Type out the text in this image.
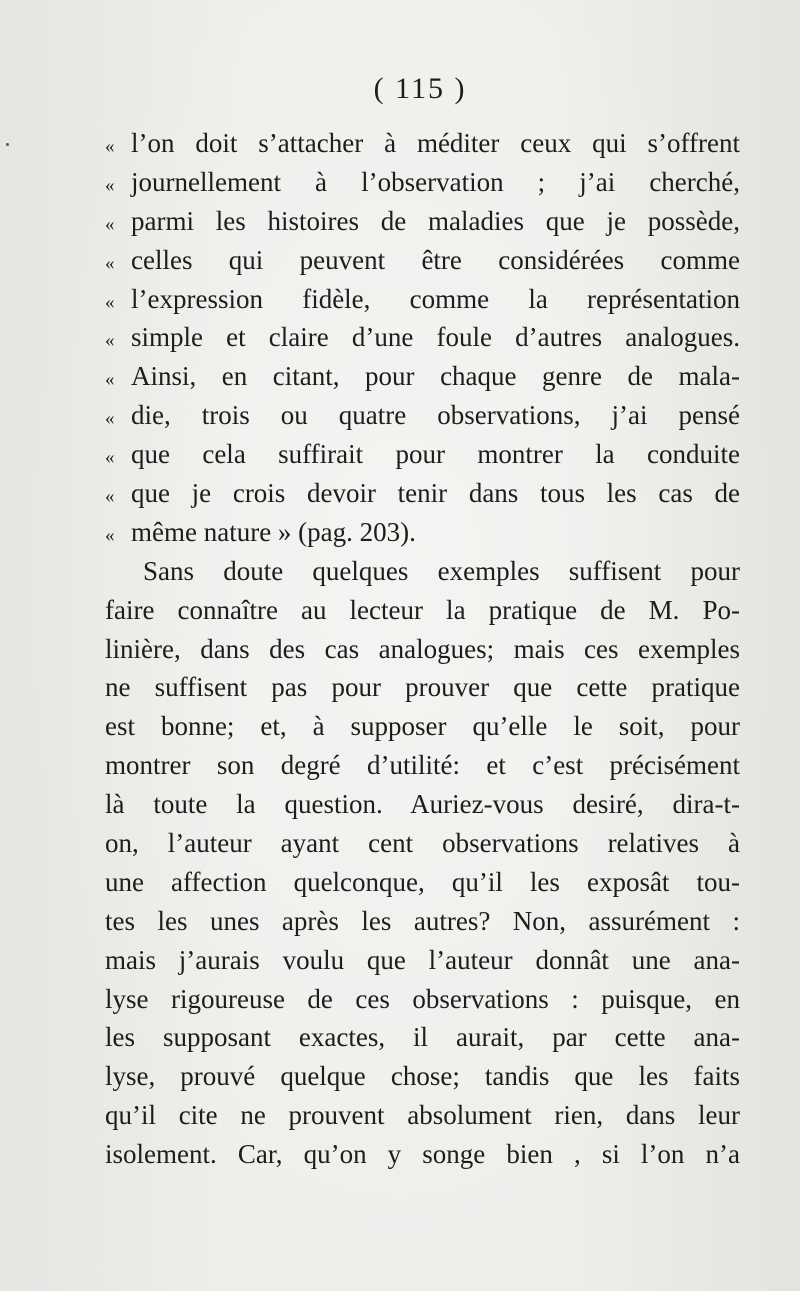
( 115 )
« l’on doit s’attacher à méditer ceux qui s’offrent
« journellement à l’observation ; j’ai cherché,
« parmi les histoires de maladies que je possède,
« celles qui peuvent être considérées comme
« l’expression fidèle, comme la représentation
« simple et claire d’une foule d’autres analogues.
« Ainsi, en citant, pour chaque genre de mala-
« die, trois ou quatre observations, j’ai pensé
« que cela suffirait pour montrer la conduite
« que je crois devoir tenir dans tous les cas de
« même nature » (pag. 203).
Sans doute quelques exemples suffisent pour
faire connaître au lecteur la pratique de M. Po-
linière, dans des cas analogues; mais ces exemples
ne suffisent pas pour prouver que cette pratique
est bonne; et, à supposer qu’elle le soit, pour
montrer son degré d’utilité: et c’est précisément
là toute la question. Auriez-vous desiré, dira-t-
on, l’auteur ayant cent observations relatives à
une affection quelconque, qu’il les exposât tou-
tes les unes après les autres? Non, assurément :
mais j’aurais voulu que l’auteur donnât une ana-
lyse rigoureuse de ces observations : puisque, en
les supposant exactes, il aurait, par cette ana-
lyse, prouvé quelque chose; tandis que les faits
qu’il cite ne prouvent absolument rien, dans leur
isolement. Car, qu’on y songe bien , si l’on n’a
